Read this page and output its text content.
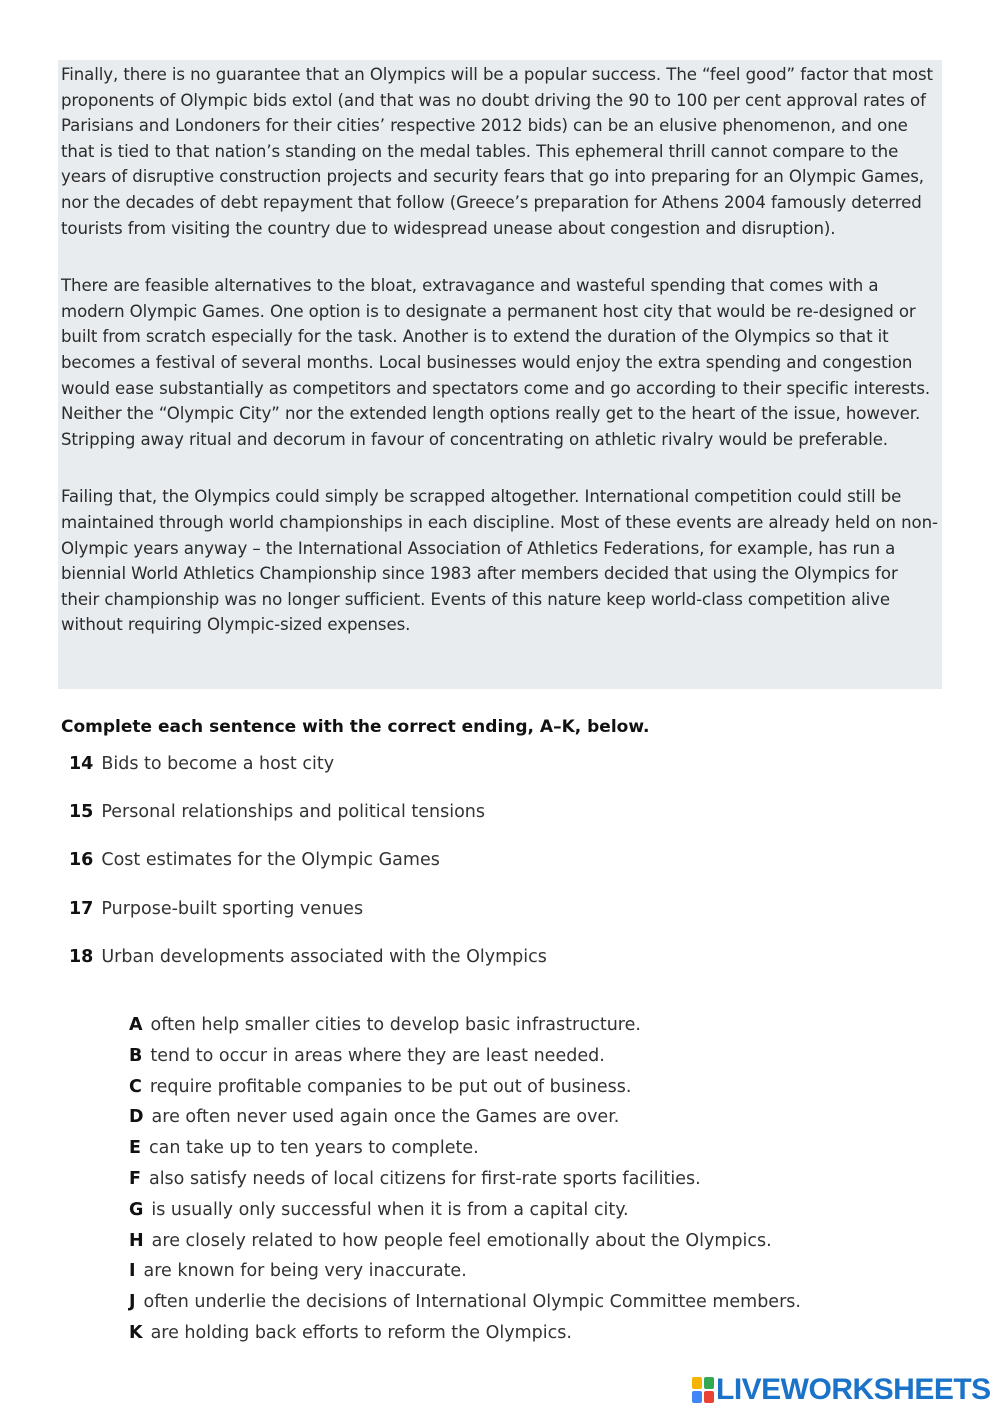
Finally, there is no guarantee that an Olympics will be a popular success. The “feel good” factor that most proponents of Olympic bids extol (and that was no doubt driving the 90 to 100 per cent approval rates of Parisians and Londoners for their cities’ respective 2012 bids) can be an elusive phenomenon, and one that is tied to that nation’s standing on the medal tables. This ephemeral thrill cannot compare to the years of disruptive construction projects and security fears that go into preparing for an Olympic Games, nor the decades of debt repayment that follow (Greece’s preparation for Athens 2004 famously deterred tourists from visiting the country due to widespread unease about congestion and disruption).

There are feasible alternatives to the bloat, extravagance and wasteful spending that comes with a modern Olympic Games. One option is to designate a permanent host city that would be re-designed or built from scratch especially for the task. Another is to extend the duration of the Olympics so that it becomes a festival of several months. Local businesses would enjoy the extra spending and congestion would ease substantially as competitors and spectators come and go according to their specific interests. Neither the “Olympic City” nor the extended length options really get to the heart of the issue, however. Stripping away ritual and decorum in favour of concentrating on athletic rivalry would be preferable.

Failing that, the Olympics could simply be scrapped altogether. International competition could still be maintained through world championships in each discipline. Most of these events are already held on non-Olympic years anyway – the International Association of Athletics Federations, for example, has run a biennial World Athletics Championship since 1983 after members decided that using the Olympics for their championship was no longer sufficient. Events of this nature keep world-class competition alive without requiring Olympic-sized expenses.

Complete each sentence with the correct ending, A–K, below.
14 Bids to become a host city
15 Personal relationships and political tensions
16 Cost estimates for the Olympic Games
17 Purpose-built sporting venues
18 Urban developments associated with the Olympics
A often help smaller cities to develop basic infrastructure.
B tend to occur in areas where they are least needed.
C require profitable companies to be put out of business.
D are often never used again once the Games are over.
E can take up to ten years to complete.
F also satisfy needs of local citizens for first-rate sports facilities.
G is usually only successful when it is from a capital city.
H are closely related to how people feel emotionally about the Olympics.
I are known for being very inaccurate.
J often underlie the decisions of International Olympic Committee members.
K are holding back efforts to reform the Olympics.
LIVEWORKSHEETS
